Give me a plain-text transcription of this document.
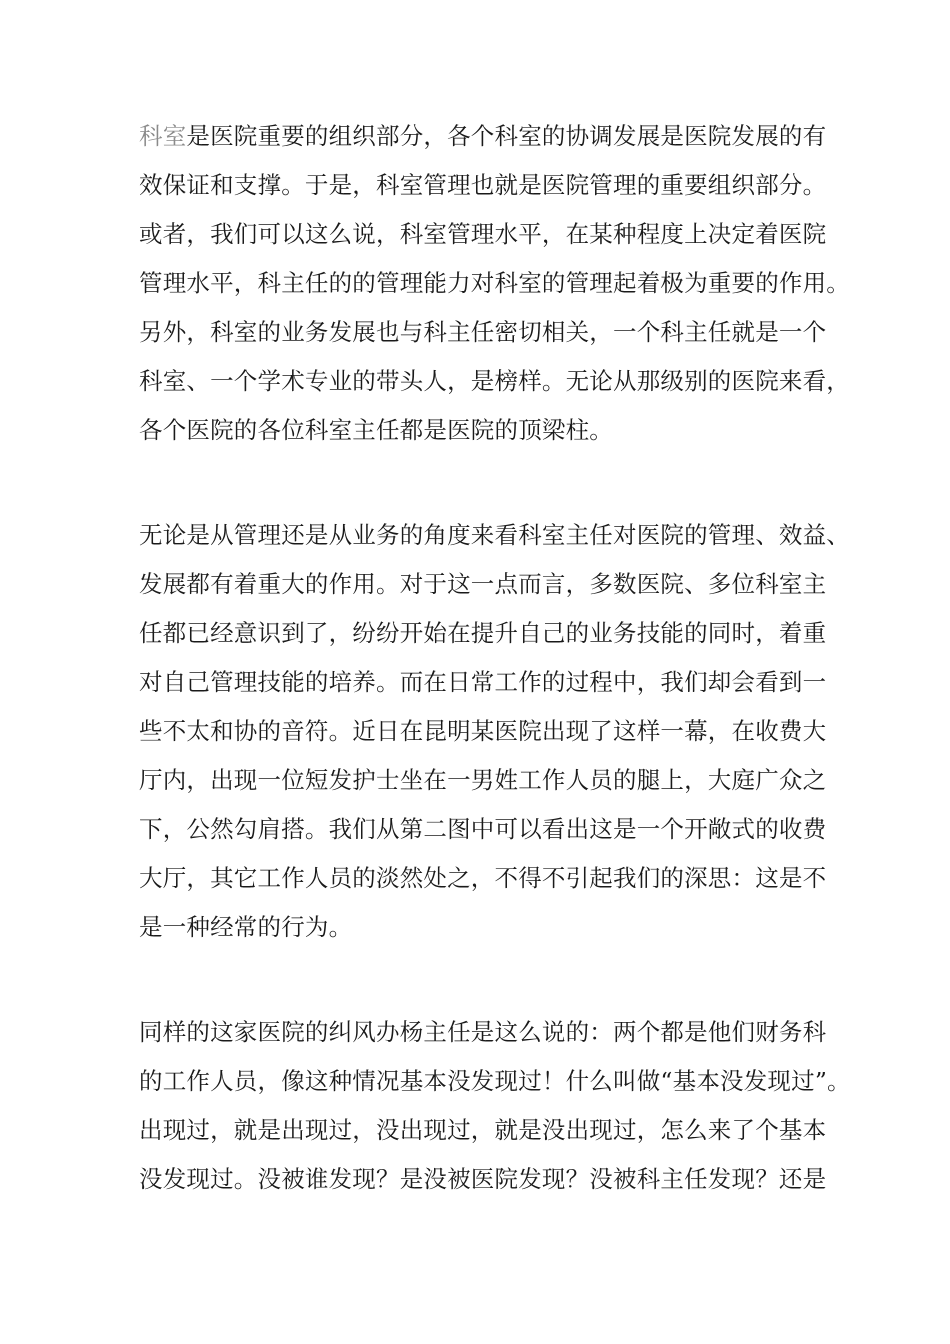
科室是医院重要的组织部分，各个科室的协调发展是医院发展的有
效保证和支撑。于是，科室管理也就是医院管理的重要组织部分。
或者，我们可以这么说，科室管理水平，在某种程度上决定着医院
管理水平，科主任的的管理能力对科室的管理起着极为重要的作用。
另外，科室的业务发展也与科主任密切相关，一个科主任就是一个
科室、一个学术专业的带头人，是榜样。无论从那级别的医院来看，
各个医院的各位科室主任都是医院的顶梁柱。
无论是从管理还是从业务的角度来看科室主任对医院的管理、效益、
发展都有着重大的作用。对于这一点而言，多数医院、多位科室主
任都已经意识到了，纷纷开始在提升自己的业务技能的同时，着重
对自己管理技能的培养。而在日常工作的过程中，我们却会看到一
些不太和协的音符。近日在昆明某医院出现了这样一幕，在收费大
厅内，出现一位短发护士坐在一男姓工作人员的腿上，大庭广众之
下，公然勾肩搭。我们从第二图中可以看出这是一个开敞式的收费
大厅，其它工作人员的淡然处之，不得不引起我们的深思：这是不
是一种经常的行为。
同样的这家医院的纠风办杨主任是这么说的：两个都是他们财务科
的工作人员，像这种情况基本没发现过！什么叫做“基本没发现过”。
出现过，就是出现过，没出现过，就是没出现过，怎么来了个基本
没发现过。没被谁发现？是没被医院发现？没被科主任发现？还是
